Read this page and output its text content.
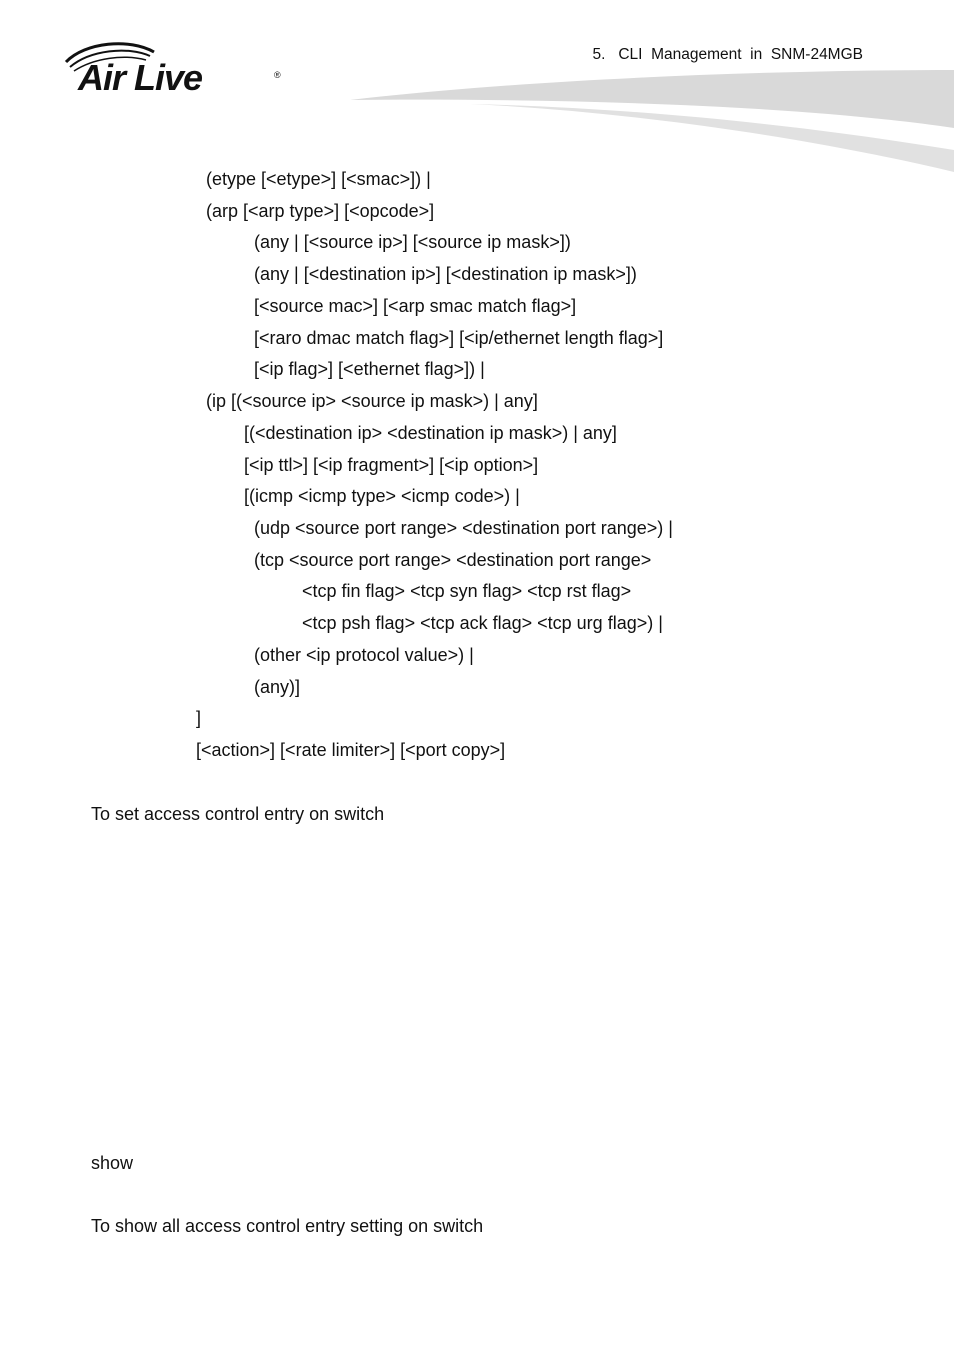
Air Live	®
5.   CLI  Management  in  SNM-24MGB
(etype [<etype>] [<smac>]) |
(arp [<arp type>] [<opcode>]
(any | [<source ip>] [<source ip mask>])
(any | [<destination ip>] [<destination ip mask>])
[<source mac>] [<arp smac match flag>]
[<raro dmac match flag>] [<ip/ethernet length flag>]
[<ip flag>] [<ethernet flag>]) |
(ip [(<source ip> <source ip mask>) | any]
[(<destination ip> <destination ip mask>) | any]
[<ip ttl>] [<ip fragment>] [<ip option>]
[(icmp <icmp type> <icmp code>) |
(udp <source port range> <destination port range>) |
(tcp <source port range> <destination port range>
<tcp fin flag> <tcp syn flag> <tcp rst flag>
<tcp psh flag> <tcp ack flag> <tcp urg flag>) |
(other <ip protocol value>) |
(any)]
]
[<action>] [<rate limiter>] [<port copy>]
To set access control entry on switch
show
To show all access control entry setting on switch
